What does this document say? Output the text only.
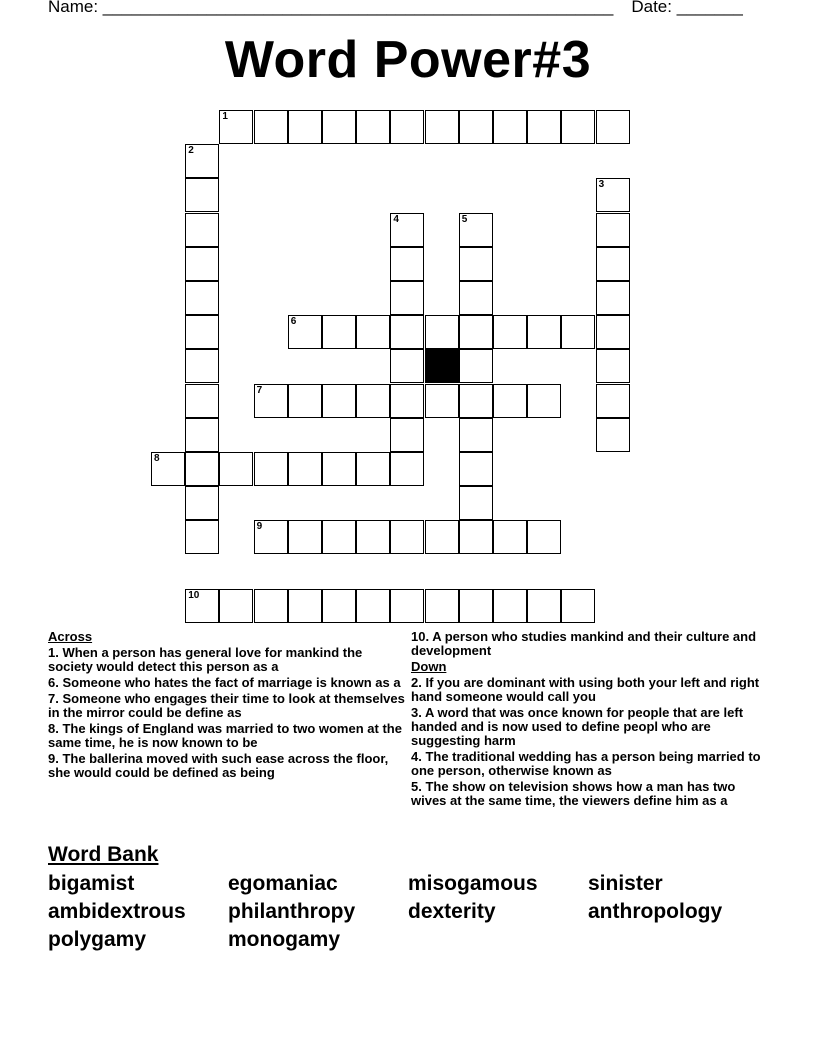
Name: ______________________________________________________ Date: _______
Word Power#3
1
2
3
4	5
6
7
8
9
10
Across
1. When a person has general love for mankind the society would detect this person as a
6. Someone who hates the fact of marriage is known as a
7. Someone who engages their time to look at themselves in the mirror could be define as
8. The kings of England was married to two women at the same time, he is now known to be
9. The ballerina moved with such ease across the floor, she would could be defined as being
10. A person who studies mankind and their culture and development
Down
2. If you are dominant with using both your left and right hand someone would call you
3. A word that was once known for people that are left handed and is now used to define peopl who are suggesting harm
4. The traditional wedding has a person being married to one person, otherwise known as
5. The show on television shows how a man has two wives at the same time, the viewers define him as a
Word Bank
bigamist	egomaniac	misogamous	sinister
ambidextrous	philanthropy	dexterity	anthropology
polygamy	monogamy
